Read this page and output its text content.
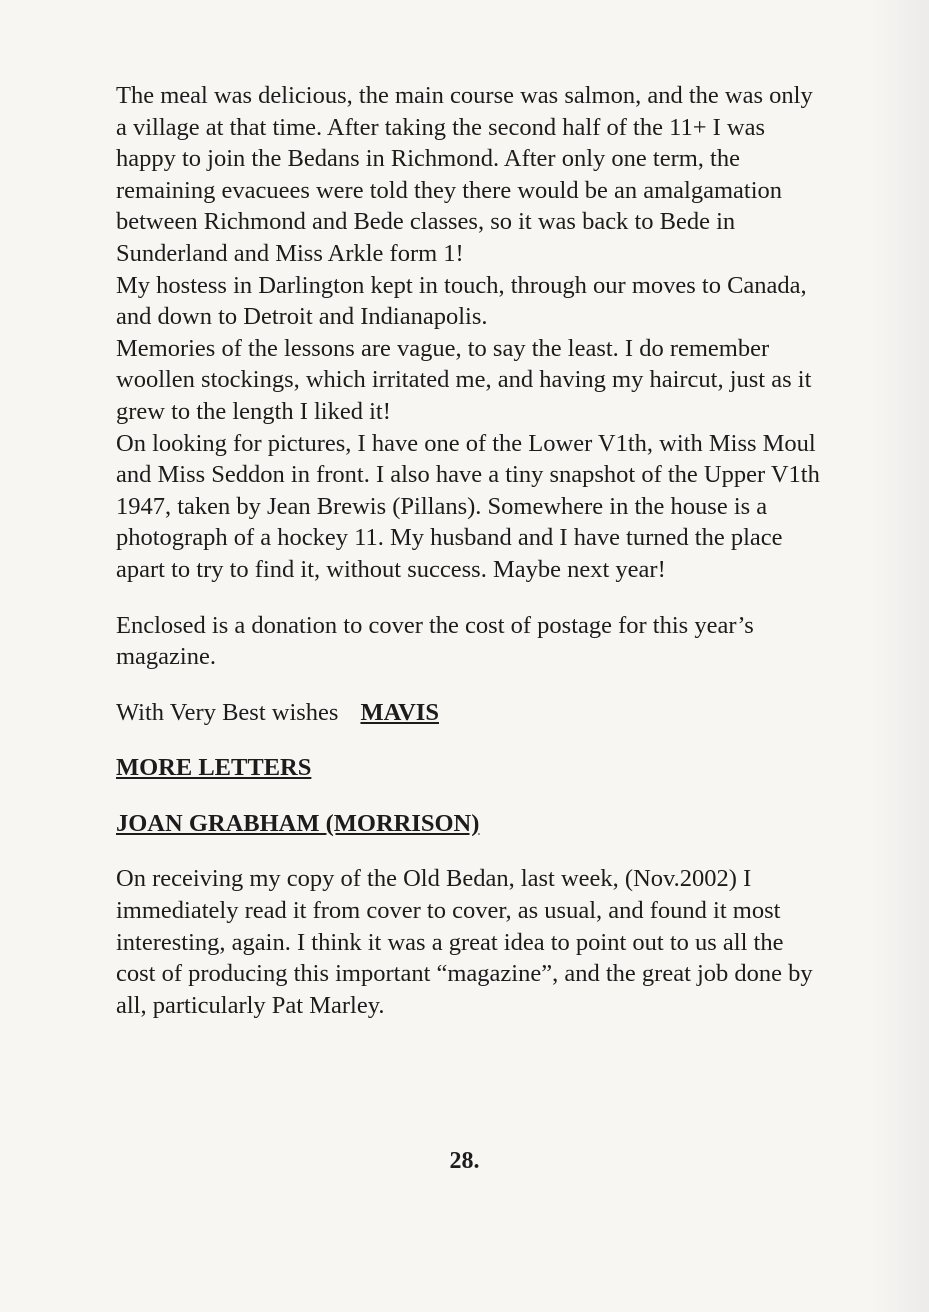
The meal was delicious, the main course was salmon, and the was only a village at that time. After taking the second half of the 11+ I was happy to join the Bedans in Richmond. After only one term, the remaining evacuees were told they there would be an amalgamation between Richmond and Bede classes, so it was back to Bede in Sunderland and Miss Arkle form 1!

My hostess in Darlington kept in touch, through our moves to Canada, and down to Detroit and Indianapolis.

Memories of the lessons are vague, to say the least. I do remember woollen stockings, which irritated me, and having my haircut, just as it grew to the length I liked it!

On looking for pictures, I have one of the Lower V1th, with Miss Moul and Miss Seddon in front. I also have a tiny snapshot of the Upper V1th 1947, taken by Jean Brewis (Pillans). Somewhere in the house is a photograph of a hockey 11. My husband and I have turned the place apart to try to find it, without success. Maybe next year!

Enclosed is a donation to cover the cost of postage for this year’s magazine.

With Very Best wishes MAVIS

MORE LETTERS

JOAN GRABHAM (MORRISON)

On receiving my copy of the Old Bedan, last week, (Nov.2002) I immediately read it from cover to cover, as usual, and found it most interesting, again. I think it was a great idea to point out to us all the cost of producing this important “magazine”, and the great job done by all, particularly Pat Marley.

28.
